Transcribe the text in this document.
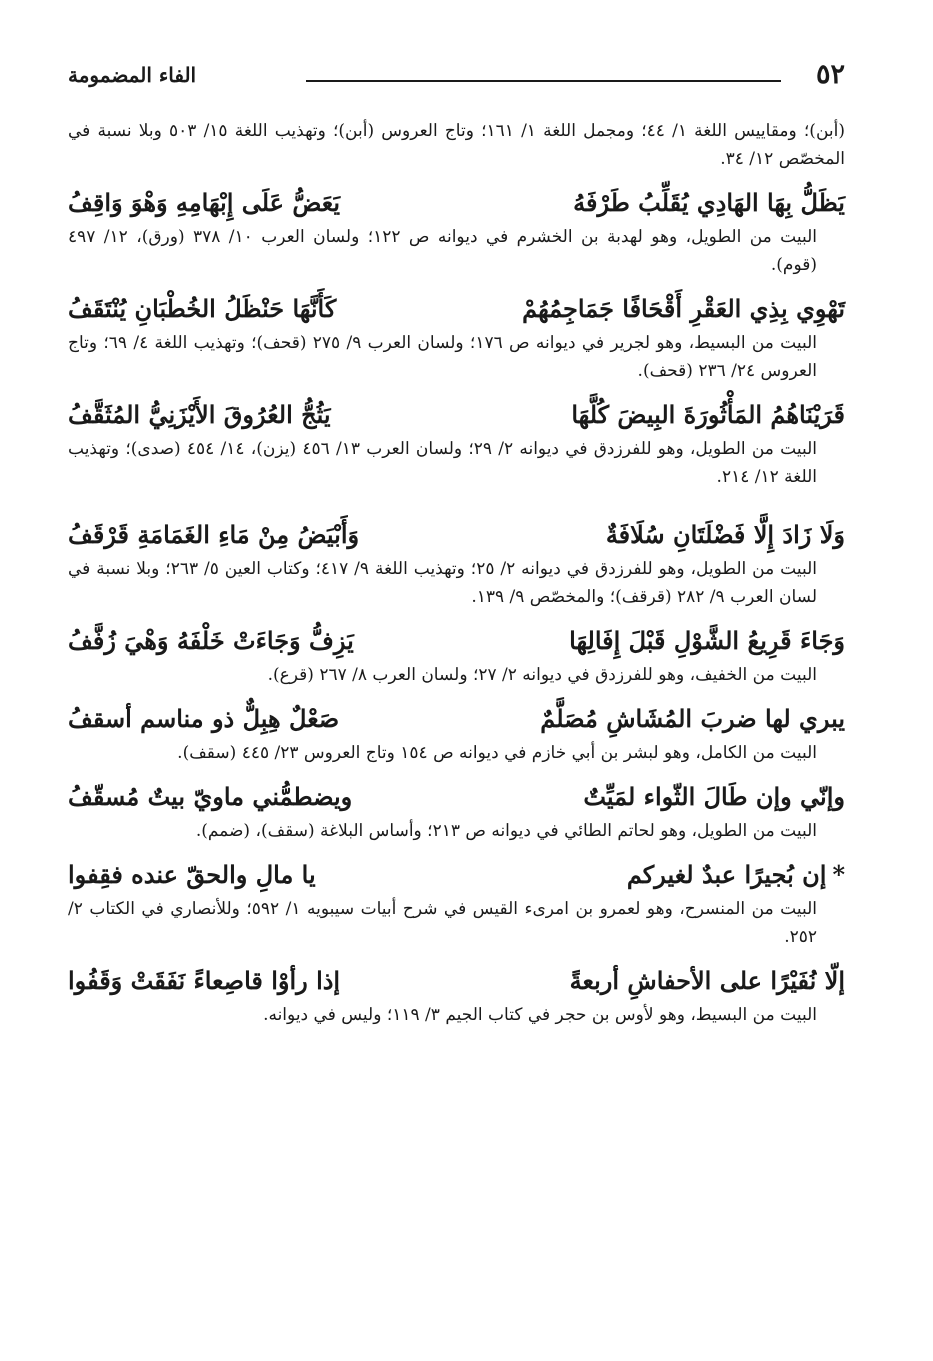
٥٢
الفاء المضمومة
(أبن)؛ ومقاييس اللغة ١/ ٤٤؛ ومجمل اللغة ١/ ١٦١؛ وتاج العروس (أبن)؛ وتهذيب اللغة ١٥/ ٥٠٣ وبلا نسبة في المخصّص ١٢/ ٣٤.
يَظَلُّ بِهَا الهَادِي يُقَلِّبُ طَرْفَهُ
يَعَضُّ عَلَى إِبْهَامِهِ وَهْوَ وَاقِفُ
البيت من الطويل، وهو لهدبة بن الخشرم في ديوانه ص ١٢٢؛ ولسان العرب ١٠/ ٣٧٨ (ورق)، ١٢/ ٤٩٧ (قوم).
تَهْوِي بِذِي العَقْرِ أَقْحَافًا جَمَاجِمُهُمْ
كَأَنَّهَا حَنْظَلُ الخُطْبَانِ يُنْتَقَفُ
البيت من البسيط، وهو لجرير في ديوانه ص ١٧٦؛ ولسان العرب ٩/ ٢٧٥ (قحف)؛ وتهذيب اللغة ٤/ ٦٩؛ وتاج العروس ٢٤/ ٢٣٦ (قحف).
قَرَيْنَاهُمُ المَأْثُورَةَ البِيضَ كُلَّهَا
يَثُجُّ العُرُوقَ الأَيْزَنِيُّ المُثَقَّفُ
البيت من الطويل، وهو للفرزدق في ديوانه ٢/ ٢٩؛ ولسان العرب ١٣/ ٤٥٦ (يزن)، ١٤/ ٤٥٤ (صدى)؛ وتهذيب اللغة ١٢/ ٢١٤.
وَلَا زَادَ إِلَّا فَضْلَتَانِ سُلَافَةٌ
وَأَبْيَضُ مِنْ مَاءِ الغَمَامَةِ قَرْقَفُ
البيت من الطويل، وهو للفرزدق في ديوانه ٢/ ٢٥؛ وتهذيب اللغة ٩/ ٤١٧؛ وكتاب العين ٥/ ٢٦٣؛ وبلا نسبة في لسان العرب ٩/ ٢٨٢ (قرقف)؛ والمخصّص ٩/ ١٣٩.
وَجَاءَ قَرِيعُ الشَّوْلِ قَبْلَ إِفَالِهَا
يَزِفُّ وَجَاءَتْ خَلْفَهُ وَهْيَ زُفَّفُ
البيت من الخفيف، وهو للفرزدق في ديوانه ٢/ ٢٧؛ ولسان العرب ٨/ ٢٦٧ (قرع).
يبري لها ضربَ المُشَاشِ مُصَلَّمٌ
صَعْلٌ هِبِلٌّ ذو مناسم أسقفُ
البيت من الكامل، وهو لبشر بن أبي خازم في ديوانه ص ١٥٤ وتاج العروس ٢٣/ ٤٤٥ (سقف).
وإنّي وإن طَالَ الثّواء لمَيِّتٌ
ويضطمُّني ماويّ بيتٌ مُسقّفُ
البيت من الطويل، وهو لحاتم الطائي في ديوانه ص ٢١٣؛ وأساس البلاغة (سقف)، (ضمم).
*إن بُجيرًا عبدٌ لغيركم
يا مالِ والحقّ عنده فقِفوا
البيت من المنسرح، وهو لعمرو بن امرىء القيس في شرح أبيات سيبويه ١/ ٥٩٢؛ وللأنصاري في الكتاب ٢/ ٢٥٢.
إلّا نُفَيْرًا على الأحفاشِ أربعةً
إذا رأوْا قاصِعاءً نَفَقَتْ وَقَفُوا
البيت من البسيط، وهو لأوس بن حجر في كتاب الجيم ٣/ ١١٩؛ وليس في ديوانه.
